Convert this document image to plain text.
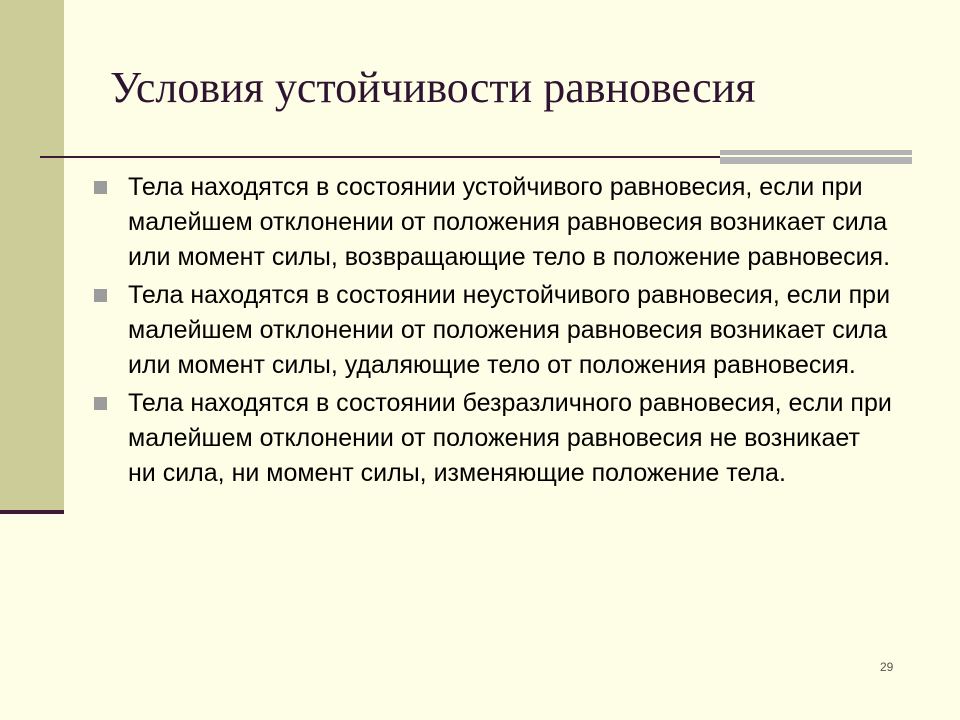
Условия устойчивости равновесия
Тела находятся в состоянии устойчивого равновесия, если при малейшем отклонении от положения равновесия возникает сила или момент силы, возвращающие тело в положение равновесия.
Тела находятся в состоянии неустойчивого равновесия, если при малейшем отклонении от положения равновесия возникает сила или момент силы, удаляющие тело от положения равновесия.
Тела находятся в состоянии безразличного равновесия, если при малейшем отклонении от положения равновесия не возникает ни сила, ни момент силы, изменяющие положение тела.
29
